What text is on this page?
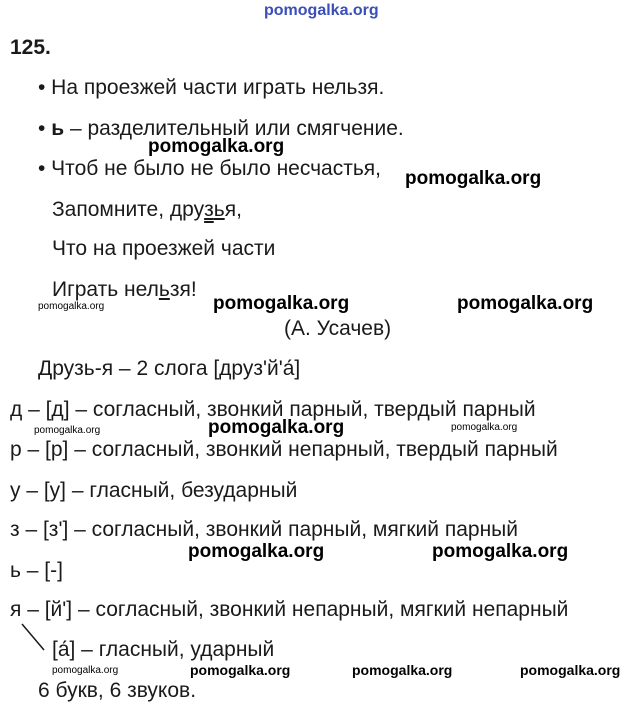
pomogalka.org
125.
• На проезжей части играть нельзя.
• ь – разделительный или смягчение.
• Чтоб не было не было несчастья,
Запомните, друзья,
Что на проезжей части
Играть нельзя!
(А. Усачев)
Друзь-я – 2 слога [друз'й'а́]
д – [д] – согласный, звонкий парный, твердый парный
р – [р] – согласный, звонкий непарный, твердый парный
у – [у] – гласный, безударный
з – [з'] – согласный, звонкий парный, мягкий парный
ь – [-]
я – [й'] – согласный, звонкий непарный, мягкий непарный
[а́] – гласный, ударный
6 букв, 6 звуков.
pomogalka.org
pomogalka.org
pomogalka.org	pomogalka.org	pomogalka.org
pomogalka.org	pomogalka.org	pomogalka.org
pomogalka.org	pomogalka.org
pomogalka.org	pomogalka.org	pomogalka.org	pomogalka.org
